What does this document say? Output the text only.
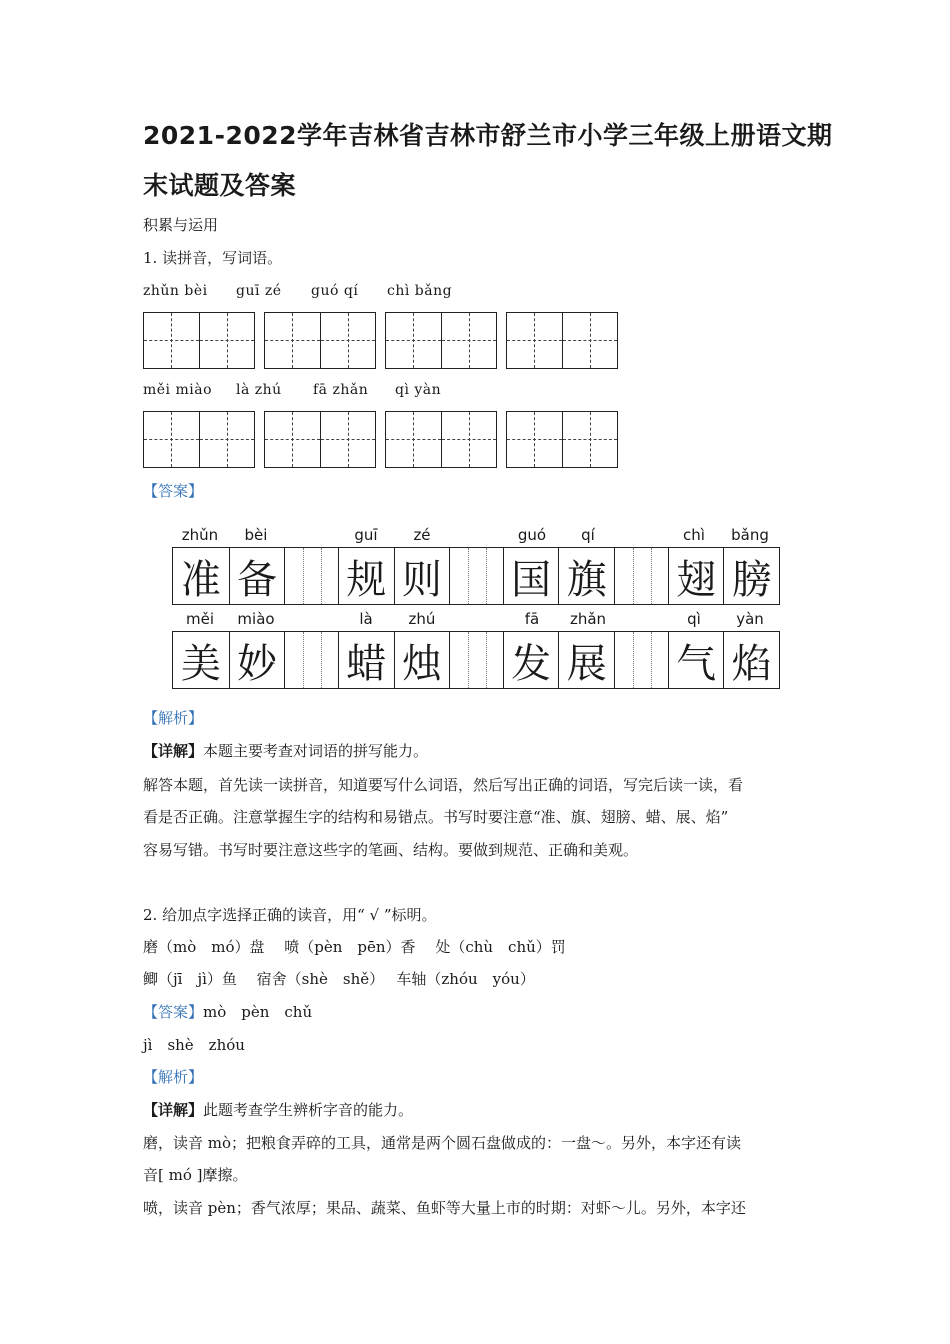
2021-2022学年吉林省吉林市舒兰市小学三年级上册语文期
末试题及答案
积累与运用
1. 读拼音，写词语。
zhǔn bèi guī zé guó qí chì bǎng
měi miào là zhú fā zhǎn qì yàn
【答案】
zhǔn	bèi	guī	zé	guó	qí	chì	bǎng
准 备 规 则 国 旗 翅 膀
měi	miào	là	zhú	fā	zhǎn	qì	yàn
美 妙 蜡 烛 发 展 气 焰
【解析】
【详解】本题主要考查对词语的拼写能力。
解答本题，首先读一读拼音，知道要写什么词语，然后写出正确的词语，写完后读一读，看
看是否正确。注意掌握生字的结构和易错点。书写时要注意“准、旗、翅膀、蜡、展、焰”
容易写错。书写时要注意这些字的笔画、结构。要做到规范、正确和美观。
2. 给加点字选择正确的读音，用“ √ ”标明。
磨（mò　mó）盘　 喷（pèn　pēn）香　 处（chù　chǔ）罚
鲫（jī　jì）鱼　 宿舍（shè　shě）　 车轴（zhóu　yóu）
【答案】mò　pèn　chǔ
jì　shè　zhóu
【解析】
【详解】此题考查学生辨析字音的能力。
磨，读音 mò；把粮食弄碎的工具，通常是两个圆石盘做成的：一盘～。另外，本字还有读
音[ mó ]摩擦。
喷，读音 pèn；香气浓厚；果品、蔬菜、鱼虾等大量上市的时期：对虾～儿。另外，本字还
